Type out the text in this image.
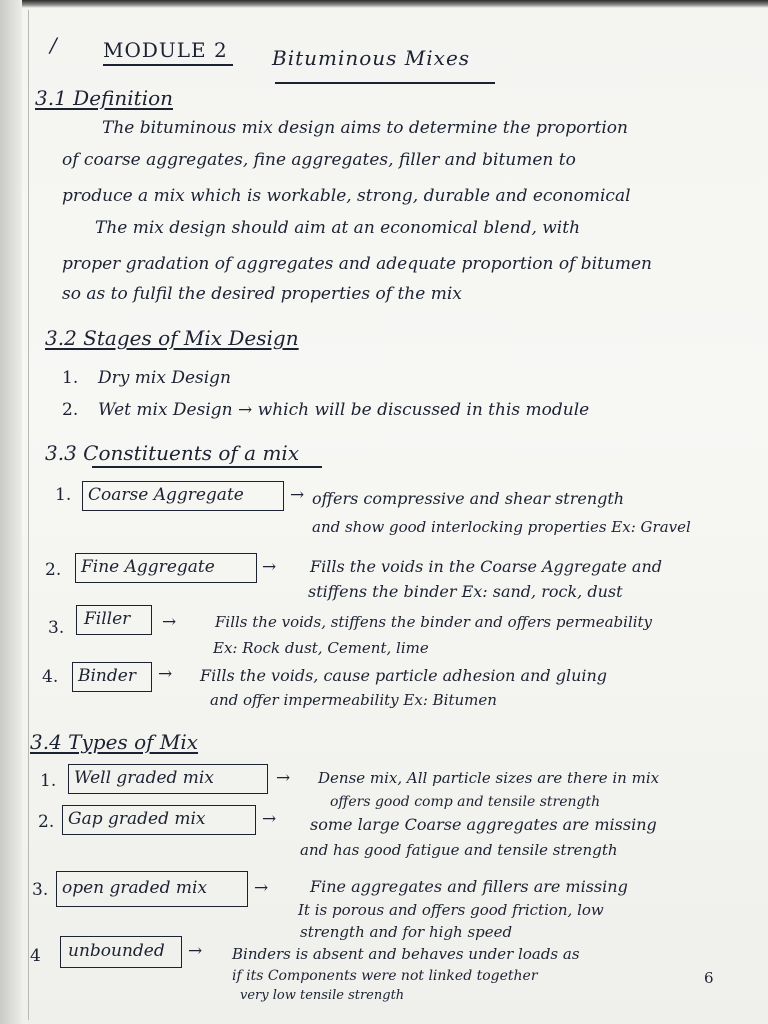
/ MODULE 2 Bituminous Mixes
3.1 Definition
The bituminous mix design aims to determine the proportion
of coarse aggregates, fine aggregates, filler and bitumen to
produce a mix which is workable, strong, durable and economical
The mix design should aim at an economical blend, with
proper gradation of aggregates and adequate proportion of bitumen
so as to fulfil the desired properties of the mix
3.2 Stages of Mix Design
1. Dry mix Design
2. Wet mix Design → which will be discussed in this module
3.3 Constituents of a mix
1. Coarse Aggregate	→ offers compressive and shear strength
and show good interlocking properties Ex: Gravel
2. Fine Aggregate	→ Fills the voids in the Coarse Aggregate and
stiffens the binder Ex: sand, rock, dust
3. Filler →	Fills the voids, stiffens the binder and offers permeability
Ex: Rock dust, Cement, lime
4. Binder → Fills the voids, cause particle adhesion and gluing
and offer impermeability Ex: Bitumen
3.4 Types of Mix
1. Well graded mix	→ Dense mix, All particle sizes are there in mix
offers good comp and tensile strength
2. Gap graded mix	→ some large Coarse aggregates are missing
and has good fatigue and tensile strength
3. open graded mix	→	Fine aggregates and fillers are missing
It is porous and offers good friction, low
strength and for high speed
4 unbounded → Binders is absent and behaves under loads as
if its Components were not linked together
very low tensile strength
6
